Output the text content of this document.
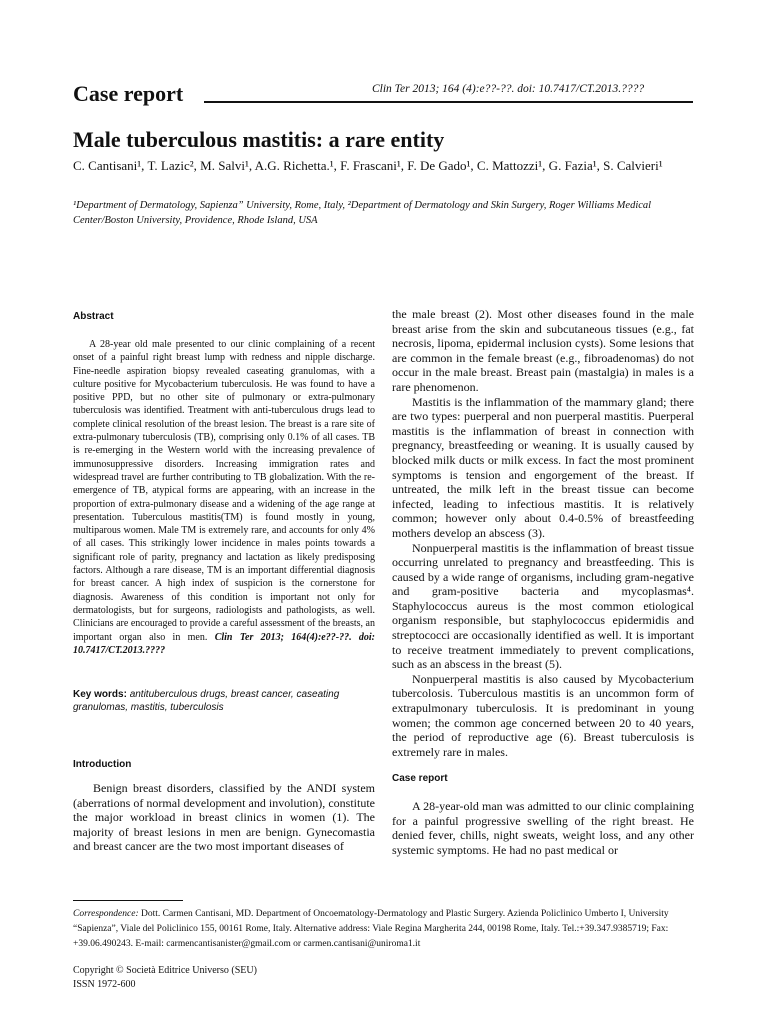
Case report	Clin Ter 2013; 164 (4):e??-??. doi: 10.7417/CT.2013.????
Male tuberculous mastitis: a rare entity
C. Cantisani¹, T. Lazic², M. Salvi¹, A.G. Richetta.¹, F. Frascani¹, F. De Gado¹, C. Mattozzi¹, G. Fazia¹, S. Calvieri¹
¹Department of Dermatology, Sapienza” University, Rome, Italy, ²Department of Dermatology and Skin Surgery, Roger Williams Medical Center/Boston University, Providence, Rhode Island, USA
Abstract

A 28-year old male presented to our clinic complaining of a recent onset of a painful right breast lump with redness and nipple discharge. Fine-needle aspiration biopsy revealed caseating granulomas, with a culture positive for Mycobacterium tuberculosis. He was found to have a positive PPD, but no other site of pulmonary or extra-pulmonary tuberculosis was identified. Treatment with anti-tuberculous drugs lead to complete clinical resolution of the breast lesion. The breast is a rare site of extra-pulmonary tuberculosis (TB), comprising only 0.1% of all cases. TB is re-emerging in the Western world with the increasing prevalence of immunosuppressive disorders. Increasing immigration rates and widespread travel are further contributing to TB globalization. With the re-emergence of TB, atypical forms are appearing, with an increase in the proportion of extra-pulmonary disease and a widening of the age range at presentation. Tuberculous mastitis(TM) is found mostly in young, multiparous women. Male TM is extremely rare, and accounts for only 4% of all cases. This strikingly lower incidence in males points towards a significant role of parity, pregnancy and lactation as likely predisposing factors. Although a rare disease, TM is an important differential diagnosis for breast cancer. A high index of suspicion is the cornerstone for diagnosis. Awareness of this condition is important not only for dermatologists, but for surgeons, radiologists and pathologists, as well. Clinicians are encouraged to provide a careful assessment of the breasts, an important organ also in men. Clin Ter 2013; 164(4):e??-??. doi: 10.7417/CT.2013.????

Key words: antituberculous drugs, breast cancer, caseating granulomas, mastitis, tuberculosis
Introduction

Benign breast disorders, classified by the ANDI system (aberrations of normal development and involution), constitute the major workload in breast clinics in women (1). The majority of breast lesions in men are benign. Gynecomastia and breast cancer are the two most important diseases of

the male breast (2). Most other diseases found in the male breast arise from the skin and subcutaneous tissues (e.g., fat necrosis, lipoma, epidermal inclusion cysts). Some lesions that are common in the female breast (e.g., fibroadenomas) do not occur in the male breast. Breast pain (mastalgia) in males is a rare phenomenon.

Mastitis is the inflammation of the mammary gland; there are two types: puerperal and non puerperal mastitis. Puerperal mastitis is the inflammation of breast in connection with pregnancy, breastfeeding or weaning. It is usually caused by blocked milk ducts or milk excess. In fact the most prominent symptoms is tension and engorgement of the breast. If untreated, the milk left in the breast tissue can become infected, leading to infectious mastitis. It is relatively common; however only about 0.4-0.5% of breastfeeding mothers develop an abscess (3).

Nonpuerperal mastitis is the inflammation of breast tissue occurring unrelated to pregnancy and breastfeeding. This is caused by a wide range of organisms, including gram-negative and gram-positive bacteria and mycoplasmas⁴. Staphylococcus aureus is the most common etiological organism responsible, but staphylococcus epidermidis and streptococci are occasionally identified as well. It is important to receive treatment immediately to prevent complications, such as an abscess in the breast (5).

Nonpuerperal mastitis is also caused by Mycobacterium tubercolosis. Tuberculous mastitis is an uncommon form of extrapulmonary tuberculosis. It is predominant in young women; the common age concerned between 20 to 40 years, the period of reproductive age (6). Breast tuberculosis is extremely rare in males.

Case report

A 28-year-old man was admitted to our clinic complaining for a painful progressive swelling of the right breast. He denied fever, chills, night sweats, weight loss, and any other systemic symptoms. He had no past medical or

Correspondence: Dott. Carmen Cantisani, MD. Department of Oncoematology-Dermatology and Plastic Surgery. Azienda Policlinico Umberto I, University “Sapienza”, Viale del Policlinico 155, 00161 Rome, Italy. Alternative address: Viale Regina Margherita 244, 00198 Rome, Italy. Tel.:+39.347.9385719; Fax: +39.06.490243. E-mail: carmencantisanister@gmail.com or carmen.cantisani@uniroma1.it
Copyright © Società Editrice Universo (SEU)
ISSN 1972-600
